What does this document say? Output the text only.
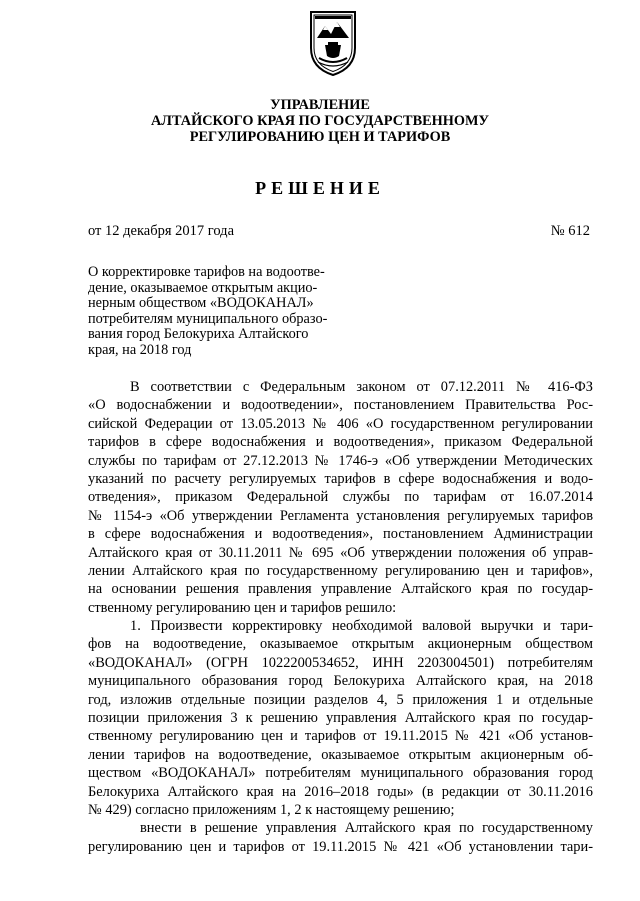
УПРАВЛЕНИЕ
АЛТАЙСКОГО КРАЯ ПО ГОСУДАРСТВЕННОМУ
РЕГУЛИРОВАНИЮ ЦЕН И ТАРИФОВ
РЕШЕНИЕ
от 12 декабря 2017 года	№ 612
О корректировке тарифов на водоотве-
дение, оказываемое открытым акцио-
нерным обществом «ВОДОКАНАЛ»
потребителям муниципального образо-
вания город Белокуриха Алтайского
края, на 2018 год
В соответствии с Федеральным законом от 07.12.2011 № 416-ФЗ
«О водоснабжении и водоотведении», постановлением Правительства Рос-
сийской Федерации от 13.05.2013 № 406 «О государственном регулировании
тарифов в сфере водоснабжения и водоотведения», приказом Федеральной
службы по тарифам от 27.12.2013 № 1746-э «Об утверждении Методических
указаний по расчету регулируемых тарифов в сфере водоснабжения и водо-
отведения», приказом Федеральной службы по тарифам от 16.07.2014
№ 1154-э «Об утверждении Регламента установления регулируемых тарифов
в сфере водоснабжения и водоотведения», постановлением Администрации
Алтайского края от 30.11.2011 № 695 «Об утверждении положения об управ-
лении Алтайского края по государственному регулированию цен и тарифов»,
на основании решения правления управление Алтайского края по государ-
ственному регулированию цен и тарифов решило:
1. Произвести корректировку необходимой валовой выручки и тари-
фов на водоотведение, оказываемое открытым акционерным обществом
«ВОДОКАНАЛ» (ОГРН 1022200534652, ИНН 2203004501) потребителям
муниципального образования город Белокуриха Алтайского края, на 2018
год, изложив отдельные позиции разделов 4, 5 приложения 1 и отдельные
позиции приложения 3 к решению управления Алтайского края по государ-
ственному регулированию цен и тарифов от 19.11.2015 № 421 «Об установ-
лении тарифов на водоотведение, оказываемое открытым акционерным об-
ществом «ВОДОКАНАЛ» потребителям муниципального образования город
Белокуриха Алтайского края на 2016–2018 годы» (в редакции от 30.11.2016
№ 429) согласно приложениям 1, 2 к настоящему решению;
внести в решение управления Алтайского края по государственному
регулированию цен и тарифов от 19.11.2015 № 421 «Об установлении тари-
